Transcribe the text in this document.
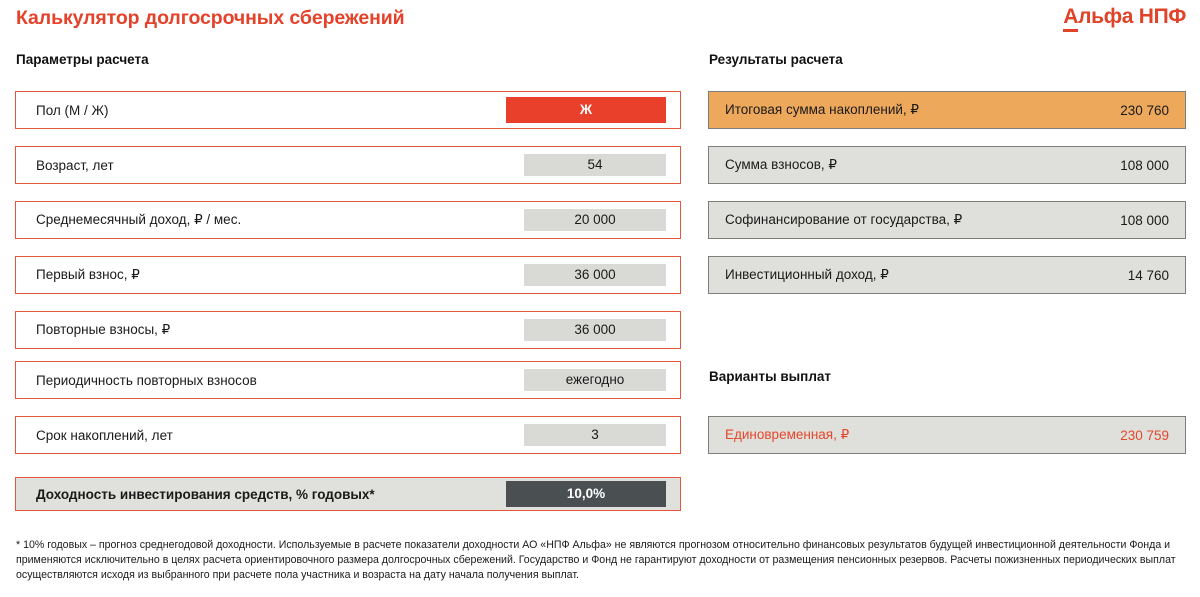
Калькулятор долгосрочных сбережений	Альфа НПФ
Параметры расчета	Результаты расчета
Варианты выплат
Пол (М / Ж)	Ж
Возраст, лет	54
Среднемесячный доход, ₽ / мес.	20 000
Первый взнос, ₽	36 000
Повторные взносы, ₽	36 000
Периодичность повторных взносов	ежегодно
Срок накоплений, лет	3
Доходность инвестирования средств, % годовых*	10,0%
Итоговая сумма накоплений, ₽	230 760
Сумма взносов, ₽	108 000
Софинансирование от государства, ₽	108 000
Инвестиционный доход, ₽	14 760
Единовременная, ₽	230 759
* 10% годовых – прогноз среднегодовой доходности. Используемые в расчете показатели доходности АО «НПФ Альфа» не являются прогнозом относительно финансовых результатов будущей инвестиционной деятельности Фонда и применяются исключительно в целях расчета ориентировочного размера долгосрочных сбережений. Государство и Фонд не гарантируют доходности от размещения пенсионных резервов. Расчеты пожизненных периодических выплат осуществляются исходя из выбранного при расчете пола участника и возраста на дату начала получения выплат.
